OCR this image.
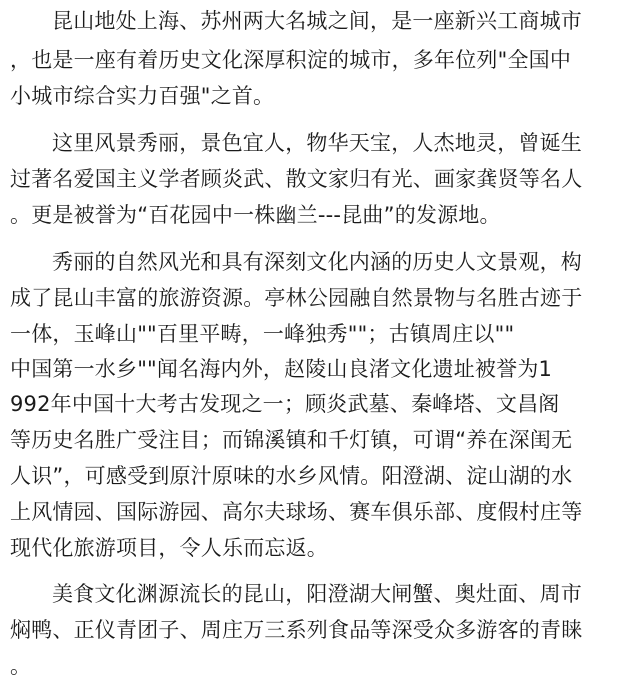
昆山地处上海、苏州两大名城之间，是一座新兴工商城市
，也是一座有着历史文化深厚积淀的城市，多年位列"全国中
小城市综合实力百强"之首。
这里风景秀丽，景色宜人，物华天宝，人杰地灵，曾诞生
过著名爱国主义学者顾炎武、散文家归有光、画家龚贤等名人
。更是被誉为“百花园中一株幽兰---昆曲”的发源地。
秀丽的自然风光和具有深刻文化内涵的历史人文景观，构
成了昆山丰富的旅游资源。亭林公园融自然景物与名胜古迹于
一体，玉峰山""百里平畴，一峰独秀""；古镇周庄以""
中国第一水乡""闻名海内外，赵陵山良渚文化遗址被誉为1
992年中国十大考古发现之一；顾炎武墓、秦峰塔、文昌阁
等历史名胜广受注目；而锦溪镇和千灯镇，可谓“养在深闺无
人识”，可感受到原汁原味的水乡风情。阳澄湖、淀山湖的水
上风情园、国际游园、高尔夫球场、赛车俱乐部、度假村庄等
现代化旅游项目，令人乐而忘返。
美食文化渊源流长的昆山，阳澄湖大闸蟹、奥灶面、周市
焖鸭、正仪青团子、周庄万三系列食品等深受众多游客的青睐
。
